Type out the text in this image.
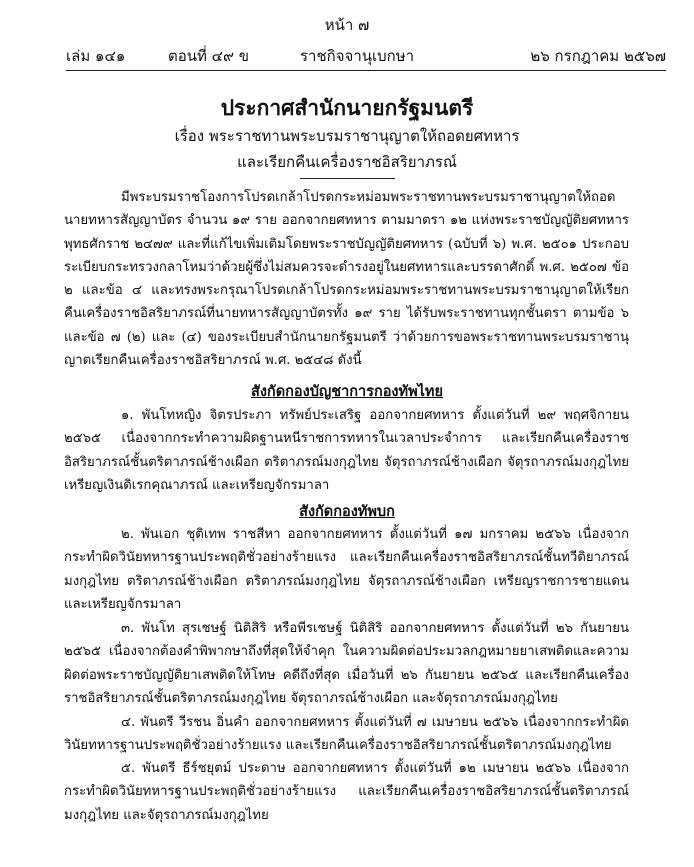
หน้า ๗
เล่ม ๑๔๑	ตอนที่ ๔๙ ข	ราชกิจจานุเบกษา	๒๖ กรกฎาคม ๒๕๖๗
ประกาศสำนักนายกรัฐมนตรี
เรื่อง พระราชทานพระบรมราชานุญาตให้ถอดยศทหาร
และเรียกคืนเครื่องราชอิสริยาภรณ์

มีพระบรมราชโองการโปรดเกล้าโปรดกระหม่อมพระราชทานพระบรมราชานุญาตให้ถอดนายทหารสัญญาบัตร จำนวน ๑๙ ราย ออกจากยศทหาร ตามมาตรา ๑๒ แห่งพระราชบัญญัติยศทหาร พุทธศักราช ๒๔๗๙ และที่แก้ไขเพิ่มเติมโดยพระราชบัญญัติยศทหาร (ฉบับที่ ๖) พ.ศ. ๒๕๐๑ ประกอบระเบียบกระทรวงกลาโหมว่าด้วยผู้ซึ่งไม่สมควรจะดำรงอยู่ในยศทหารและบรรดาศักดิ์ พ.ศ. ๒๕๐๗ ข้อ ๒ และข้อ ๔ และทรงพระกรุณาโปรดเกล้าโปรดกระหม่อมพระราชทานพระบรมราชานุญาตให้เรียกคืนเครื่องราชอิสริยาภรณ์ที่นายทหารสัญญาบัตรทั้ง ๑๙ ราย ได้รับพระราชทานทุกชั้นตรา ตามข้อ ๖ และข้อ ๗ (๒) และ (๔) ของระเบียบสำนักนายกรัฐมนตรี ว่าด้วยการขอพระราชทานพระบรมราชานุญาตเรียกคืนเครื่องราชอิสริยาภรณ์ พ.ศ. ๒๕๔๘ ดังนี้

สังกัดกองบัญชาการกองทัพไทย

๑. พันโทหญิง จิตรประภา ทรัพย์ประเสริฐ ออกจากยศทหาร ตั้งแต่วันที่ ๒๙ พฤศจิกายน ๒๕๖๕ เนื่องจากกระทำความผิดฐานหนีราชการทหารในเวลาประจำการ และเรียกคืนเครื่องราชอิสริยาภรณ์ชั้นตริตาภรณ์ช้างเผือก ตริตาภรณ์มงกุฎไทย จัตุรถาภรณ์ช้างเผือก จัตุรถาภรณ์มงกุฎไทย เหรียญเงินดิเรกคุณาภรณ์ และเหรียญจักรมาลา

สังกัดกองทัพบก

๒. พันเอก ชุติเทพ ราชสีหา ออกจากยศทหาร ตั้งแต่วันที่ ๑๗ มกราคม ๒๕๖๖ เนื่องจากกระทำผิดวินัยทหารฐานประพฤติชั่วอย่างร้ายแรง และเรียกคืนเครื่องราชอิสริยาภรณ์ชั้นทวีติยาภรณ์มงกุฎไทย ตริตาภรณ์ช้างเผือก ตริตาภรณ์มงกุฎไทย จัตุรถาภรณ์ช้างเผือก เหรียญราชการชายแดน และเหรียญจักรมาลา

๓. พันโท สุรเชษฐ์ นิติสิริ หรือพีรเชษฐ์ นิติสิริ ออกจากยศทหาร ตั้งแต่วันที่ ๒๖ กันยายน ๒๕๖๕ เนื่องจากต้องคำพิพากษาถึงที่สุดให้จำคุก ในความผิดต่อประมวลกฎหมายยาเสพติดและความผิดต่อพระราชบัญญัติยาเสพติดให้โทษ คดีถึงที่สุด เมื่อวันที่ ๒๖ กันยายน ๒๕๖๕ และเรียกคืนเครื่องราชอิสริยาภรณ์ชั้นตริตาภรณ์มงกุฎไทย จัตุรถาภรณ์ช้างเผือก และจัตุรถาภรณ์มงกุฎไทย

๔. พันตรี วีรชน อิ่นคำ ออกจากยศทหาร ตั้งแต่วันที่ ๗ เมษายน ๒๕๖๖ เนื่องจากกระทำผิดวินัยทหารฐานประพฤติชั่วอย่างร้ายแรง และเรียกคืนเครื่องราชอิสริยาภรณ์ชั้นตริตาภรณ์มงกุฎไทย

๕. พันตรี ธีร์ชยุตม์ ประดาษ ออกจากยศทหาร ตั้งแต่วันที่ ๑๒ เมษายน ๒๕๖๖ เนื่องจากกระทำผิดวินัยทหารฐานประพฤติชั่วอย่างร้ายแรง และเรียกคืนเครื่องราชอิสริยาภรณ์ชั้นตริตาภรณ์มงกุฎไทย และจัตุรถาภรณ์มงกุฎไทย
